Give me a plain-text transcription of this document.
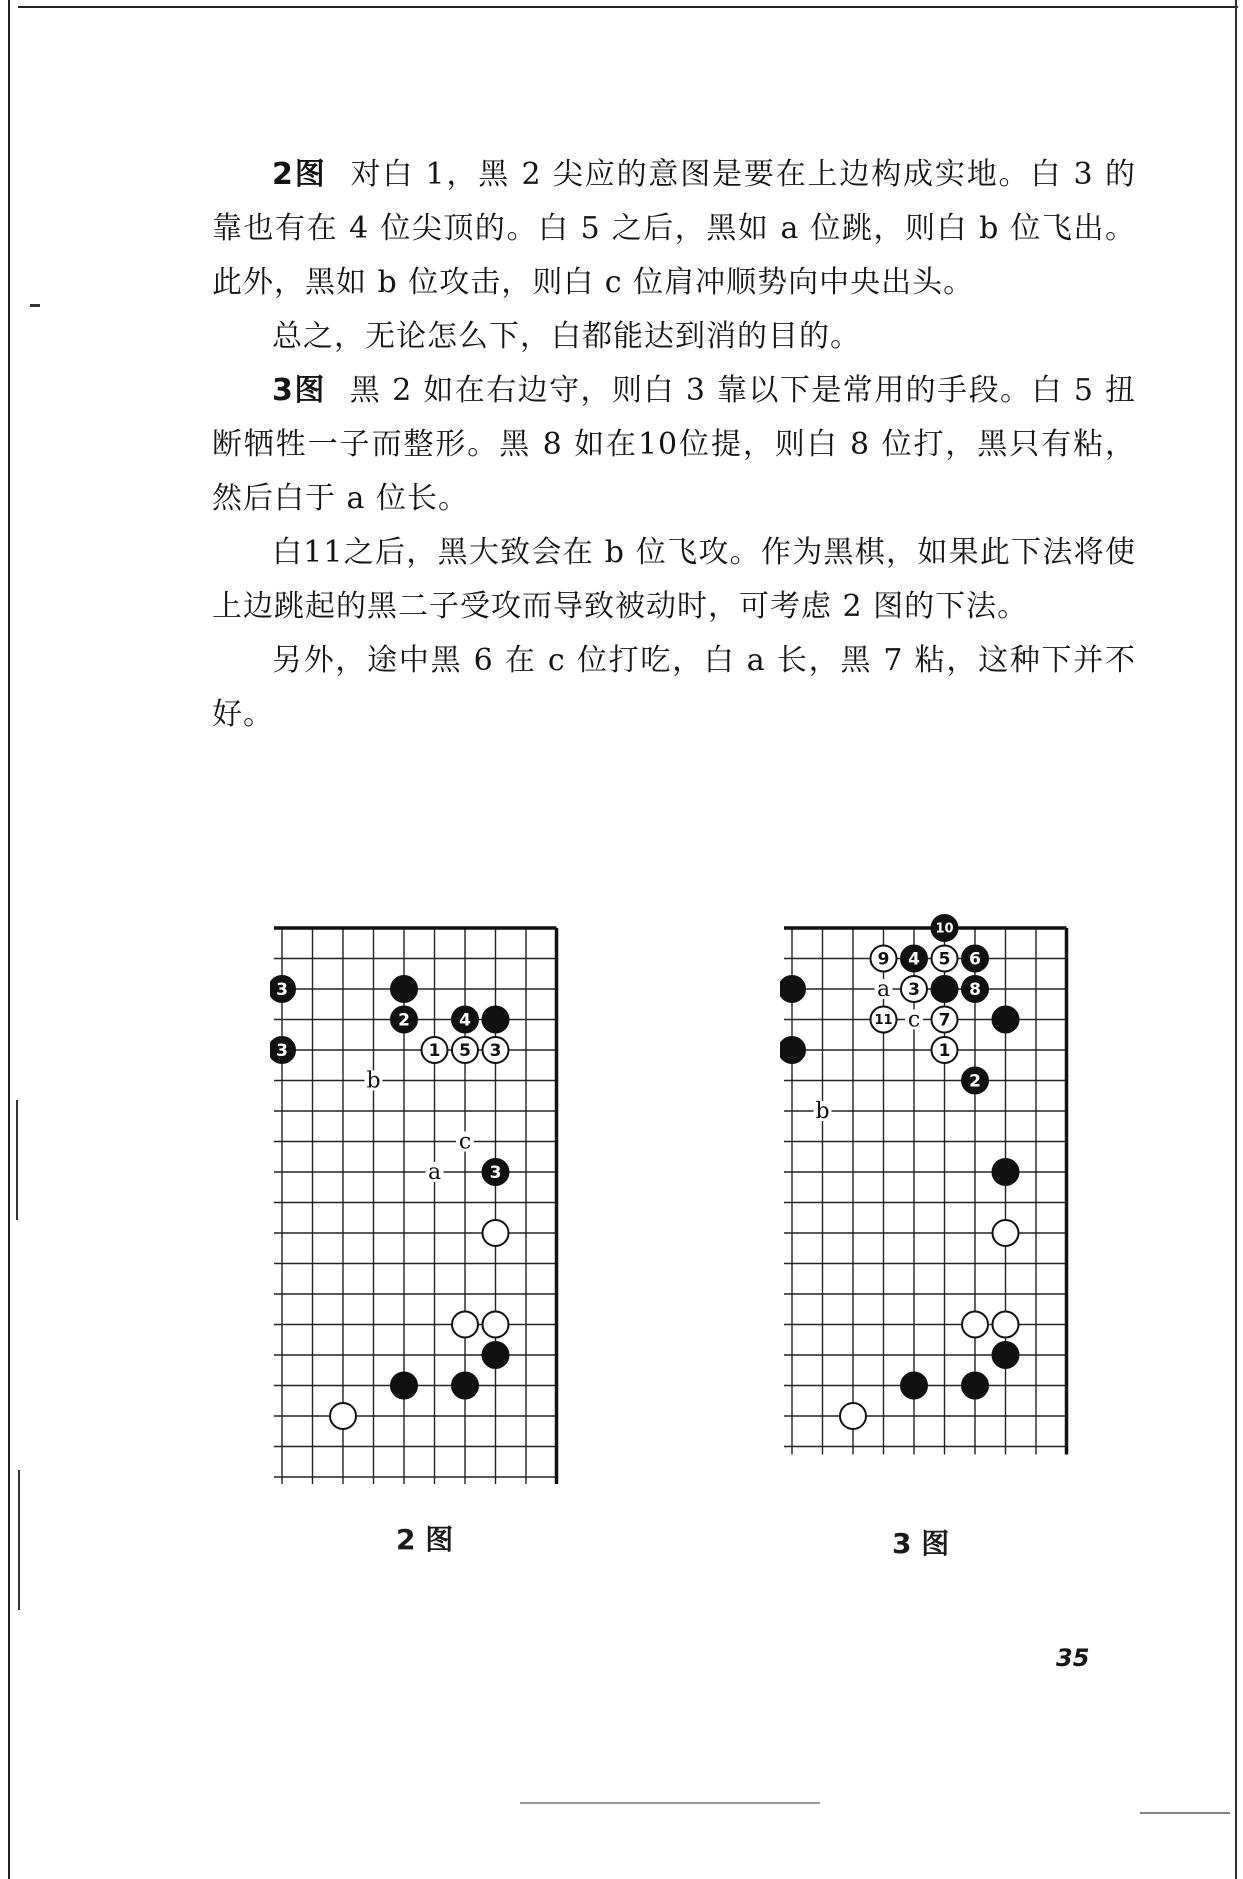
2图 对白 1，黑 2 尖应的意图是要在上边构成实地。白 3 的靠也有在 4 位尖顶的。白 5 之后，黑如 a 位跳，则白 b 位飞出。此外，黑如 b 位攻击，则白 c 位肩冲顺势向中央出头。

总之，无论怎么下，白都能达到消的目的。

3图 黑 2 如在右边守，则白 3 靠以下是常用的手段。白 5 扭断牺牲一子而整形。黑 8 如在10位提，则白 8 位打，黑只有粘，然后白于 a 位长。

白11之后，黑大致会在 b 位飞攻。作为黑棋，如果此下法将使上边跳起的黑二子受攻而导致被动时，可考虑 2 图的下法。

另外，途中黑 6 在 c 位打吃，白 a 长，黑 7 粘，这种下并不好。

b
c
a
3
3
2	4
1 5 3
3
2 图
a
c
b
10
9 4 5 6
3	8
11	7
1
2
3 图
35
